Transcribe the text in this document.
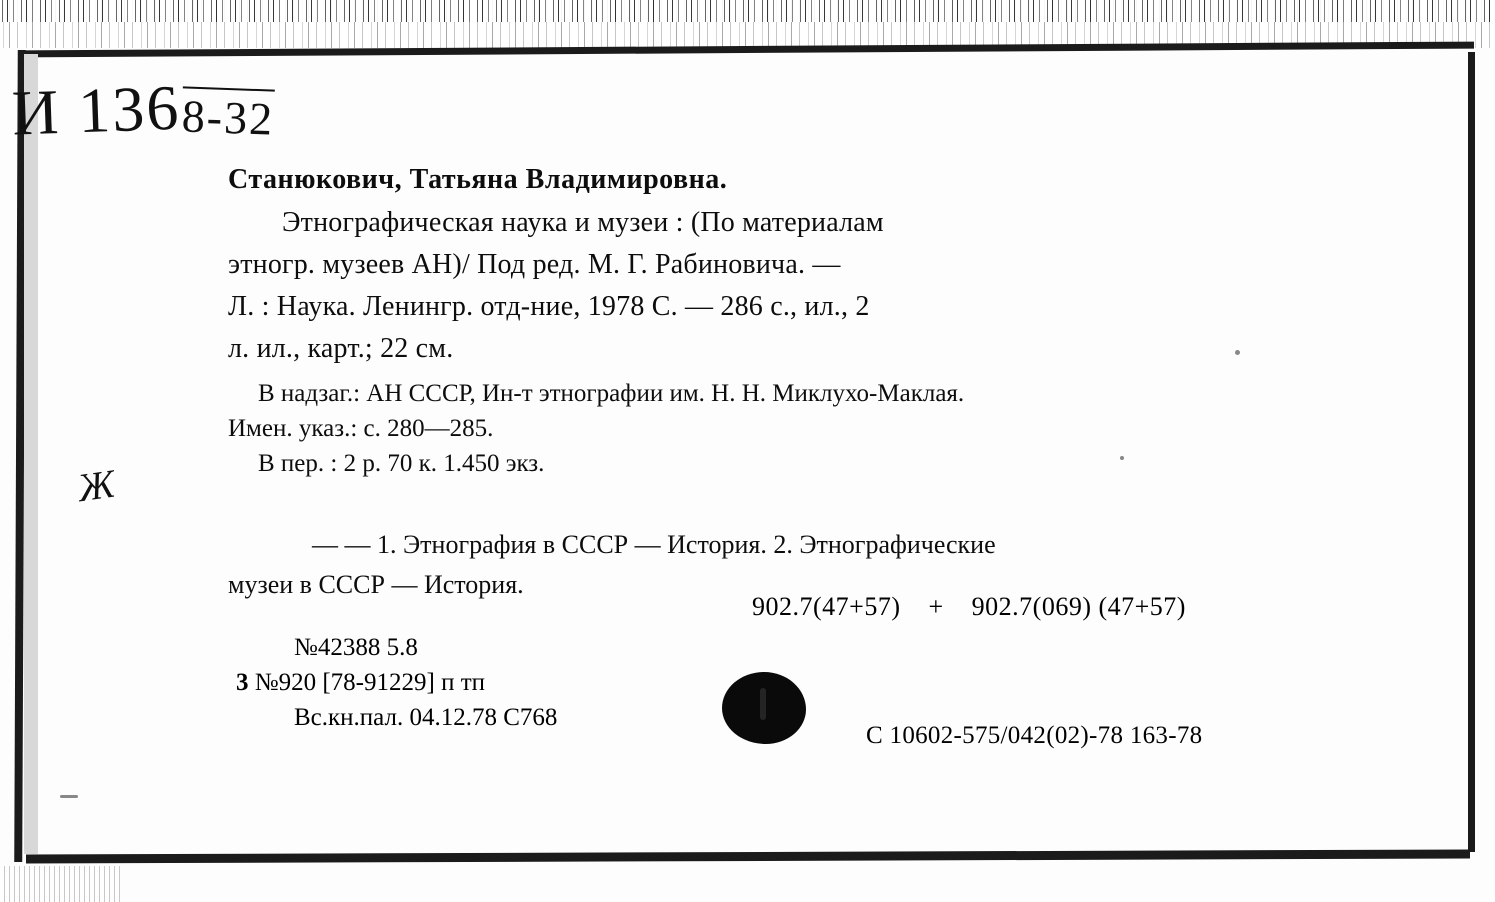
И 1368-32
Ж
Станюкович, Татьяна Владимировна.
Этнографическая наука и музеи : (По материалам
этногр. музеев АН)/ Под ред. М. Г. Рабиновича. —
Л. : Наука. Ленингр. отд-ние, 1978 С. — 286 с., ил., 2
л. ил., карт.; 22 см.
В надзаг.: АН СССР, Ин-т этнографии им. Н. Н. Миклухо-Маклая.
Имен. указ.: с. 280—285.
В пер. : 2 р. 70 к. 1.450 экз.
— — 1. Этнография в СССР — История. 2. Этнографические
музеи в СССР — История.
902.7(47+57) + 902.7(069) (47+57)
№42388 5.8
3 №920 [78-91229] п тп
Вс.кн.пал. 04.12.78 С768
С 10602-575/042(02)-78 163-78
